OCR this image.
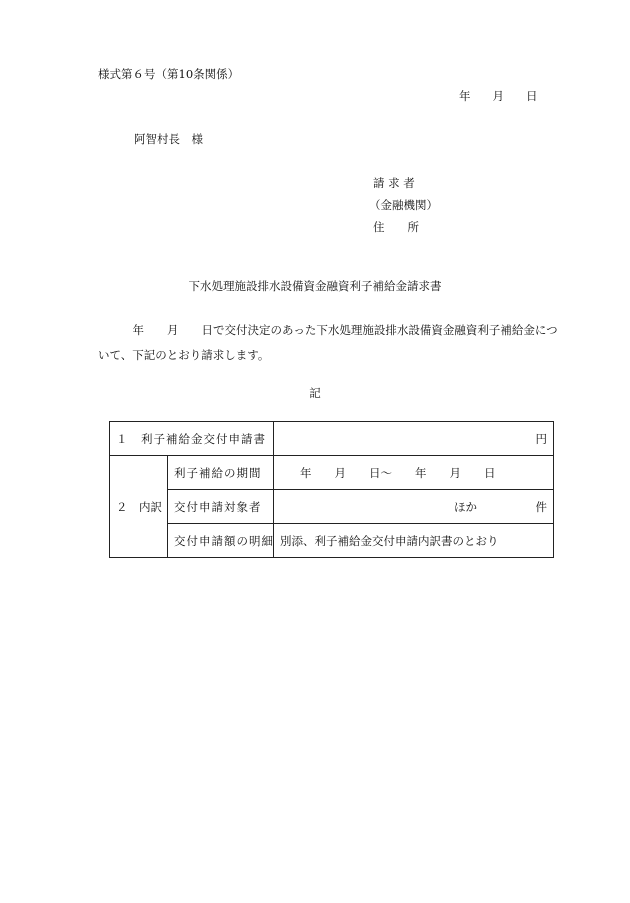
様式第６号（第10条関係）
年 月 日
阿智村長　様
請 求 者
（金融機関）
住　　所
下水処理施設排水設備資金融資利子補給金請求書
　　　年　　月　　日で交付決定のあった下水処理施設排水設備資金融資利子補給金について、下記のとおり請求します。
記
１　利子補給金交付申請書		円
２　内訳	利子補給の期間	年　　月　　日〜　　年　　月　　日
	交付申請対象者	ほか 件

	交付申請額の明細	別添、利子補給金交付申請内訳書のとおり
